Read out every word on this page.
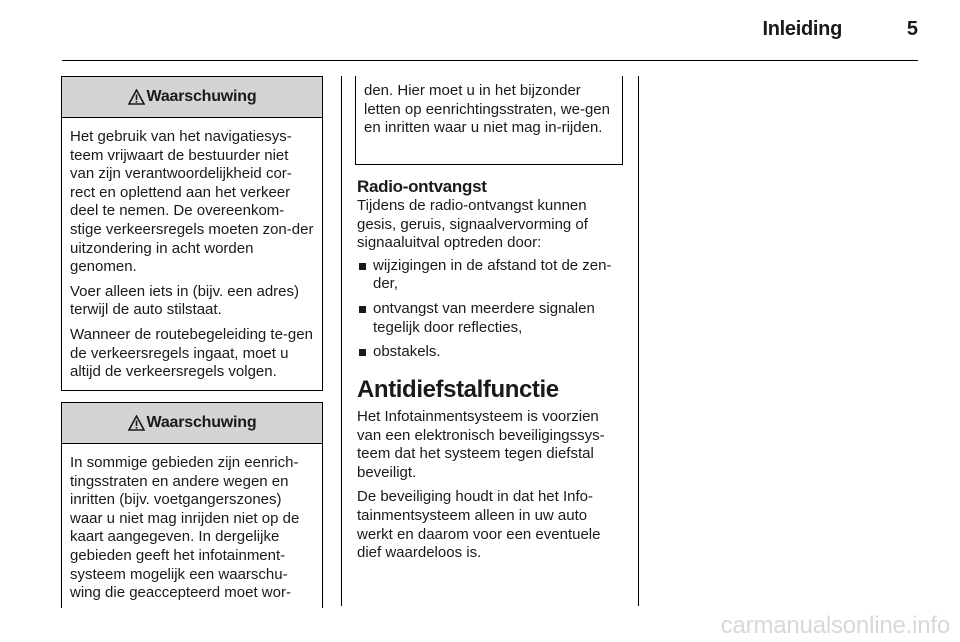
Inleiding	5
Waarschuwing

Het gebruik van het navigatiesys-teem vrijwaart de bestuurder niet van zijn verantwoordelijkheid cor-rect en oplettend aan het verkeer deel te nemen. De overeenkom-stige verkeersregels moeten zon-der uitzondering in acht worden genomen.

Voer alleen iets in (bijv. een adres) terwijl de auto stilstaat.

Wanneer de routebegeleiding te-gen de verkeersregels ingaat, moet u altijd de verkeersregels volgen.

Waarschuwing

In sommige gebieden zijn eenrich-tingsstraten en andere wegen en inritten (bijv. voetgangerszones) waar u niet mag inrijden niet op de kaart aangegeven. In dergelijke gebieden geeft het infotainment-systeem mogelijk een waarschu-wing die geaccepteerd moet wor-

den. Hier moet u in het bijzonder letten op eenrichtingsstraten, we-gen en inritten waar u niet mag in-rijden.

Radio-ontvangst
Tijdens de radio-ontvangst kunnen gesis, geruis, signaalvervorming of signaaluitval optreden door:
wijzigingen in de afstand tot de zen-der,
ontvangst van meerdere signalen tegelijk door reflecties,
obstakels.
Antidiefstalfunctie

Het Infotainmentsysteem is voorzien van een elektronisch beveiligingssys-teem dat het systeem tegen diefstal beveiligt.

De beveiliging houdt in dat het Info-tainmentsysteem alleen in uw auto werkt en daarom voor een eventuele dief waardeloos is.

carmanualsonline.info
